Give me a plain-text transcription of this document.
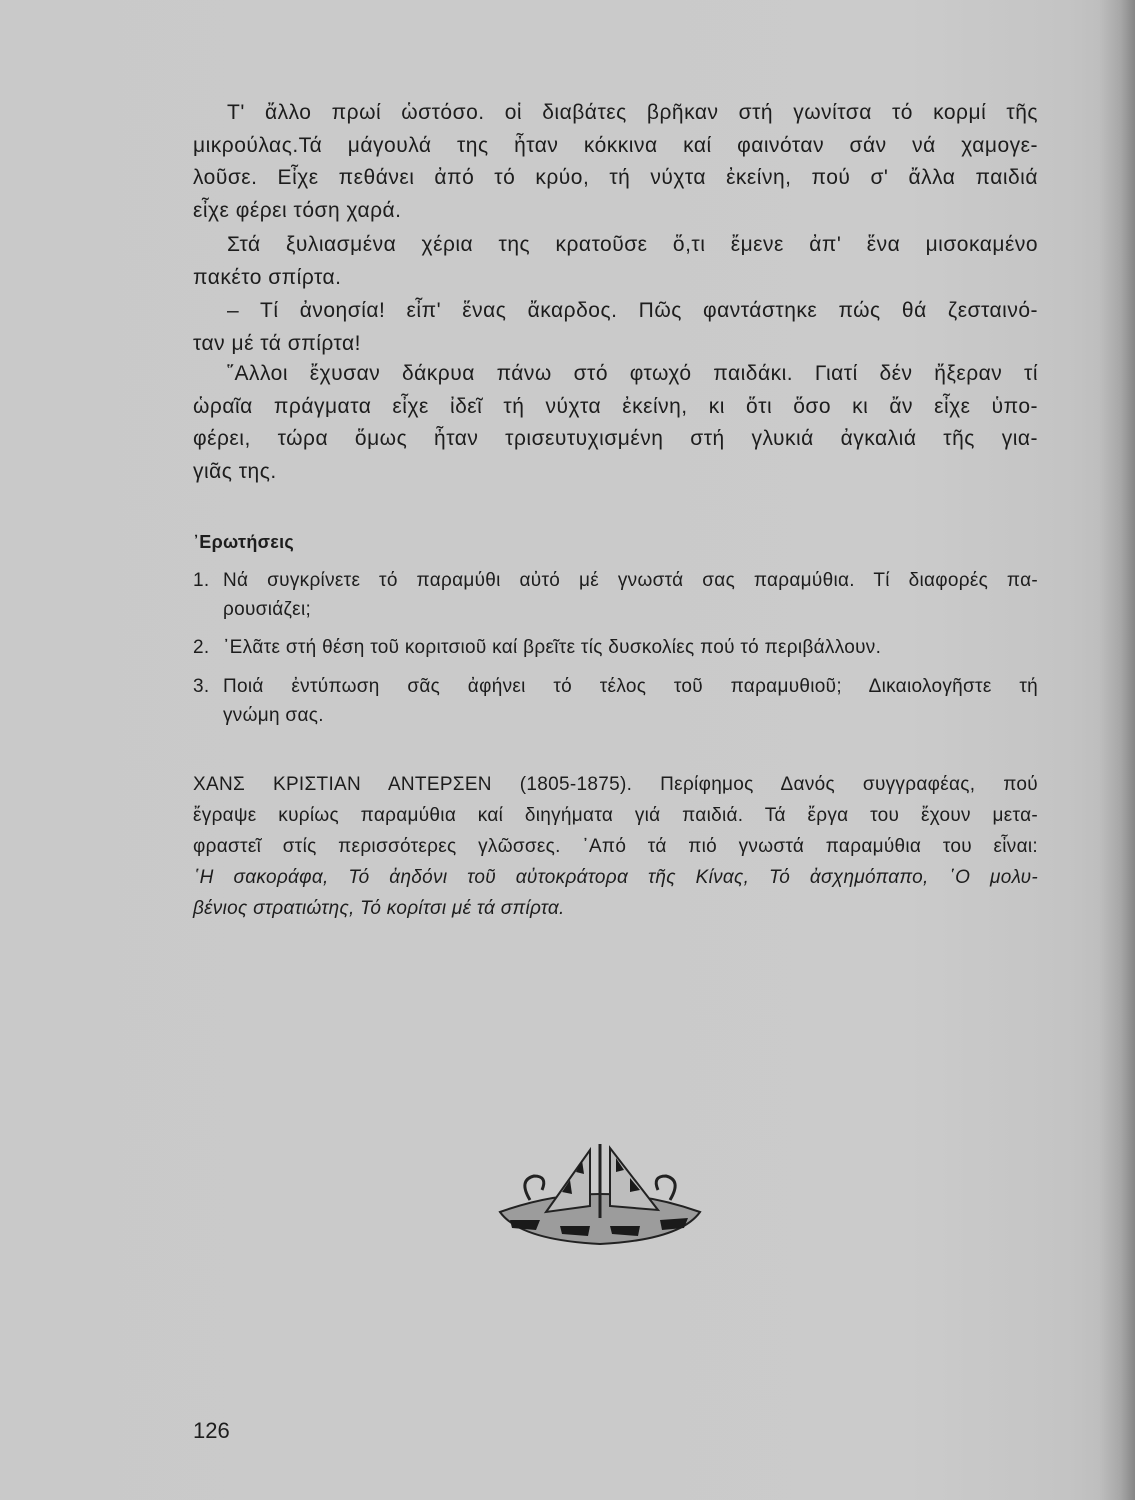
Τ' ἄλλο πρωί ὡστόσο. οἱ διαβάτες βρῆκαν στή γωνίτσα τό κορμί τῆς
μικρούλας.Τά μάγουλά της ἦταν κόκκινα καί φαινόταν σάν νά χαμογε-
λοῦσε. Εἶχε πεθάνει ἀπό τό κρύο, τή νύχτα ἐκείνη, πού σ' ἄλλα παιδιά
εἶχε φέρει τόση χαρά.

Στά ξυλιασμένα χέρια της κρατοῦσε ὅ,τι ἔμενε ἀπ' ἕνα μισοκαμένο
πακέτο σπίρτα.

– Τί ἀνοησία! εἶπ' ἕνας ἄκαρδος. Πῶς φαντάστηκε πώς θά ζεσταινό-
ταν μέ τά σπίρτα!

῞Αλλοι ἔχυσαν δάκρυα πάνω στό φτωχό παιδάκι. Γιατί δέν ἤξεραν τί
ὡραῖα πράγματα εἶχε ἰδεῖ τή νύχτα ἐκείνη, κι ὅτι ὅσο κι ἄν εἶχε ὑπο-
φέρει, τώρα ὅμως ἦταν τρισευτυχισμένη στή γλυκιά ἀγκαλιά τῆς για-
γιᾶς της.

᾿Ερωτήσεις
1. Νά συγκρίνετε τό παραμύθι αὐτό μέ γνωστά σας παραμύθια. Τί διαφορές πα-
ρουσιάζει;
2. ᾿Ελᾶτε στή θέση τοῦ κοριτσιοῦ καί βρεῖτε τίς δυσκολίες πού τό περιβάλλουν.
3. Ποιά ἐντύπωση σᾶς ἀφήνει τό τέλος τοῦ παραμυθιοῦ; Δικαιολογῆστε τή
γνώμη σας.

ΧΑΝΣ ΚΡΙΣΤΙΑΝ ΑΝΤΕΡΣΕΝ (1805-1875). Περίφημος Δανός συγγραφέας, πού
ἔγραψε κυρίως παραμύθια καί διηγήματα γιά παιδιά. Τά ἔργα του ἔχουν μετα-
φραστεῖ στίς περισσότερες γλῶσσες. ᾿Από τά πιό γνωστά παραμύθια του εἶναι:
῾Η σακοράφα, Τό ἀηδόνι τοῦ αὐτοκράτορα τῆς Κίνας, Τό ἀσχημόπαπο, ῾Ο μολυ-
βένιος στρατιώτης, Τό κορίτσι μέ τά σπίρτα.

126
